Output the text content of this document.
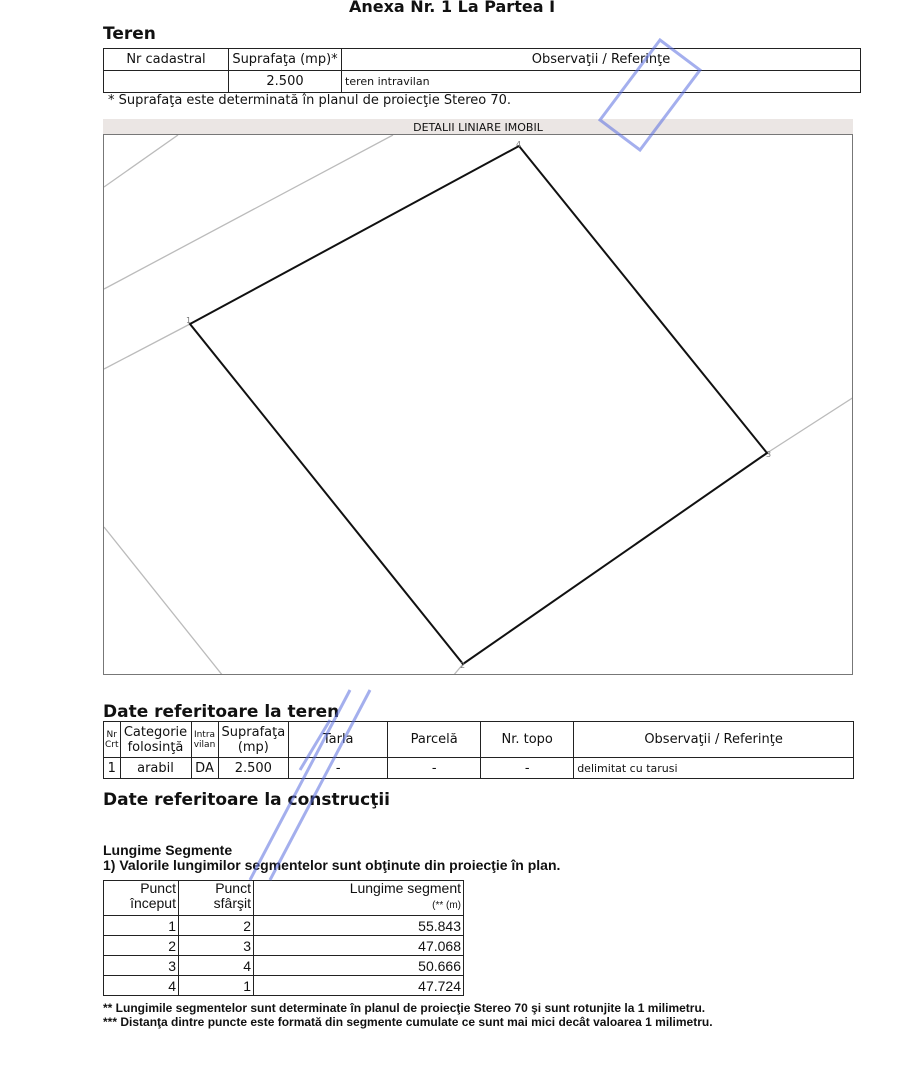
Anexa Nr. 1 La Partea I
Teren
Nr cadastral	Suprafaţa (mp)*	Observaţii / Referinţe
	2.500	teren intravilan
* Suprafaţa este determinată în planul de proiecţie Stereo 70.
DETALII LINIARE IMOBIL
1
2
3
4
Date referitoare la teren
Nr Crt	Categorie folosinţă	Intra vilan	Suprafaţa (mp)	Tarla	Parcelă	Nr. topo	Observaţii / Referinţe
1	arabil	DA	2.500	-	-	-	delimitat cu tarusi
Date referitoare la construcţii
Lungime Segmente
1) Valorile lungimilor segmentelor sunt obţinute din proiecţie în plan.
Punct început	Punct sfârşit	Lungime segment
(** (m)
1	2	55.843
2	3	47.068
3	4	50.666
4	1	47.724
** Lungimile segmentelor sunt determinate în planul de proiecţie Stereo 70 şi sunt rotunjite la 1 milimetru.
*** Distanţa dintre puncte este formată din segmente cumulate ce sunt mai mici decât valoarea 1 milimetru.
